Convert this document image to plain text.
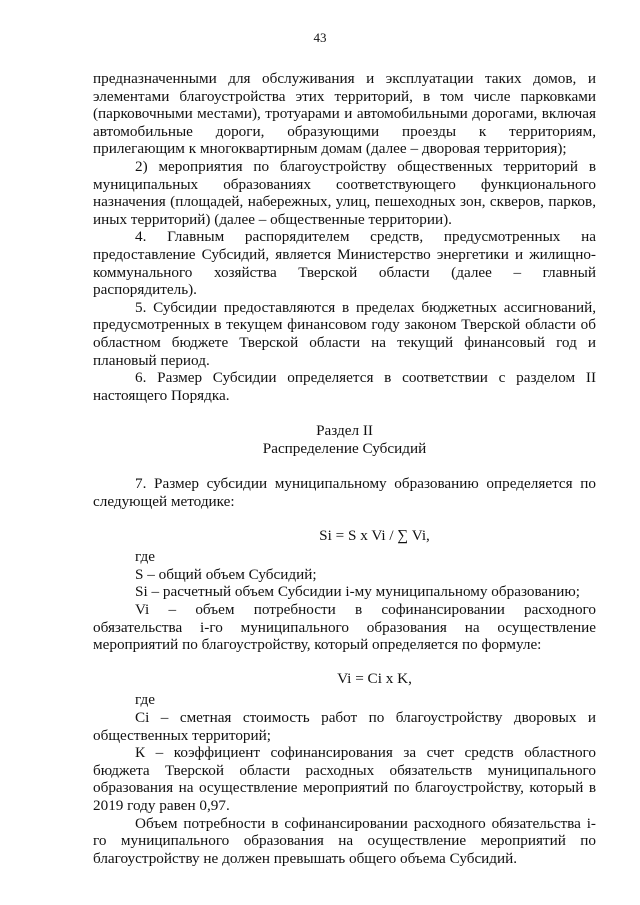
43

предназначенными для обслуживания и эксплуатации таких домов, и элементами благоустройства этих территорий, в том числе парковками (парковочными местами), тротуарами и автомобильными дорогами, включая автомобильные дороги, образующими проезды к территориям, прилегающим к многоквартирным домам (далее – дворовая территория);

2) мероприятия по благоустройству общественных территорий в муниципальных образованиях соответствующего функционального назначения (площадей, набережных, улиц, пешеходных зон, скверов, парков, иных территорий) (далее – общественные территории).

4. Главным распорядителем средств, предусмотренных на предоставление Субсидий, является Министерство энергетики и жилищно-коммунального хозяйства Тверской области (далее – главный распорядитель).

5. Субсидии предоставляются в пределах бюджетных ассигнований, предусмотренных в текущем финансовом году законом Тверской области об областном бюджете Тверской области на текущий финансовый год и плановый период.

6. Размер Субсидии определяется в соответствии с разделом II настоящего Порядка.

Раздел II

Распределение Субсидий

7. Размер субсидии муниципальному образованию определяется по следующей методике:

Si = S x Vi / ∑ Vi,

где

S – общий объем Субсидий;

Si – расчетный объем Субсидии i-му муниципальному образованию;

Vi – объем потребности в софинансировании расходного обязательства i-го муниципального образования на осуществление мероприятий по благоустройству, который определяется по формуле:

Vi = Ci x K,

где

Ci – сметная стоимость работ по благоустройству дворовых и общественных территорий;

К – коэффициент софинансирования за счет средств областного бюджета Тверской области расходных обязательств муниципального образования на осуществление мероприятий по благоустройству, который в 2019 году равен 0,97.

Объем потребности в софинансировании расходного обязательства i-го муниципального образования на осуществление мероприятий по благоустройству не должен превышать общего объема Субсидий.
